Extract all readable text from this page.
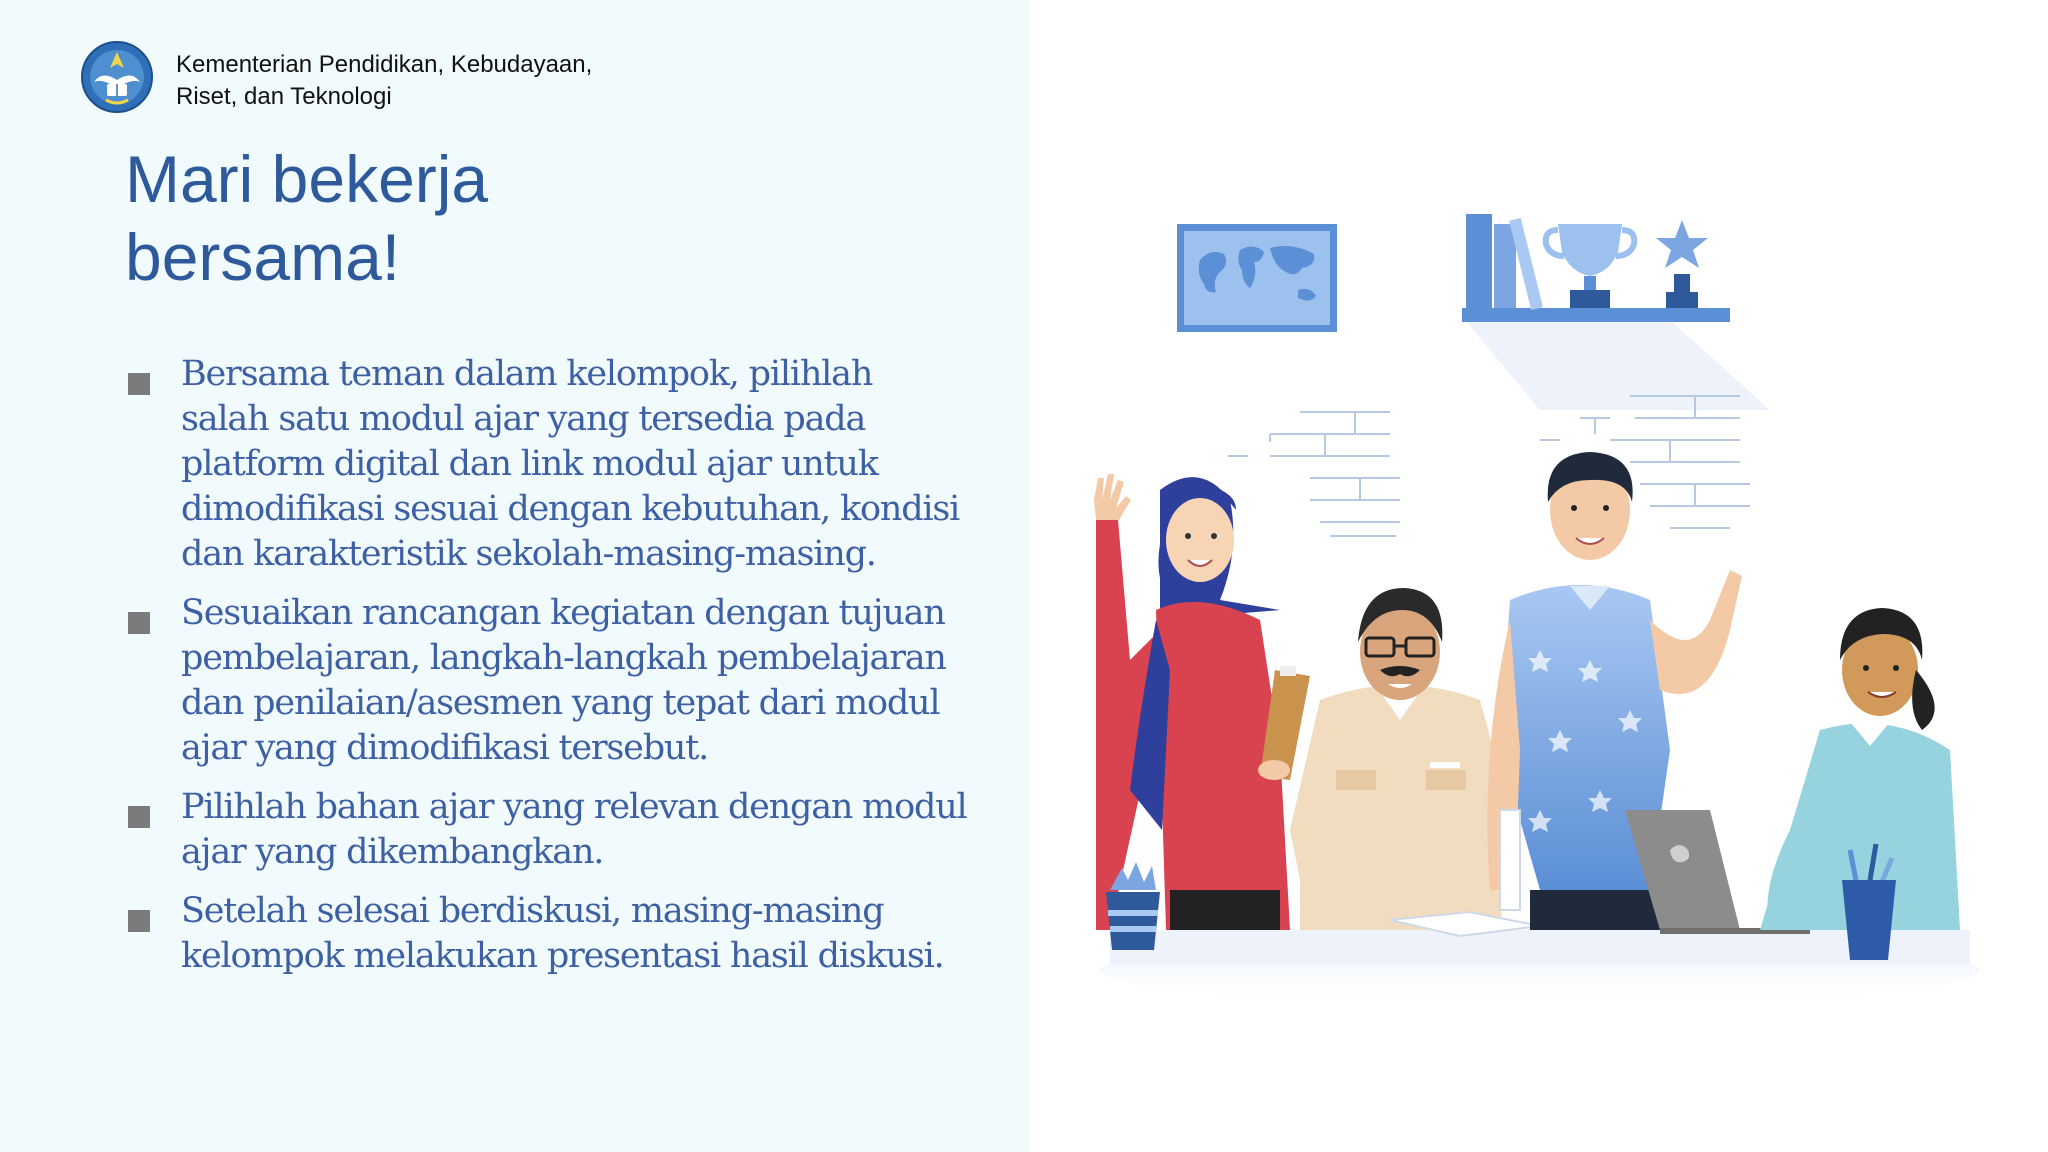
Kementerian Pendidikan, Kebudayaan,
Riset, dan Teknologi
Mari bekerja
bersama!
Bersama teman dalam kelompok, pilihlah
salah satu modul ajar yang tersedia pada
platform digital dan link modul ajar untuk
dimodifikasi sesuai dengan kebutuhan, kondisi
dan karakteristik sekolah-masing-masing.
Sesuaikan rancangan kegiatan dengan tujuan
pembelajaran, langkah-langkah pembelajaran
dan penilaian/asesmen yang tepat dari modul
ajar yang dimodifikasi tersebut.
Pilihlah bahan ajar yang relevan dengan modul
ajar yang dikembangkan.
Setelah selesai berdiskusi, masing-masing
kelompok melakukan presentasi hasil diskusi.
